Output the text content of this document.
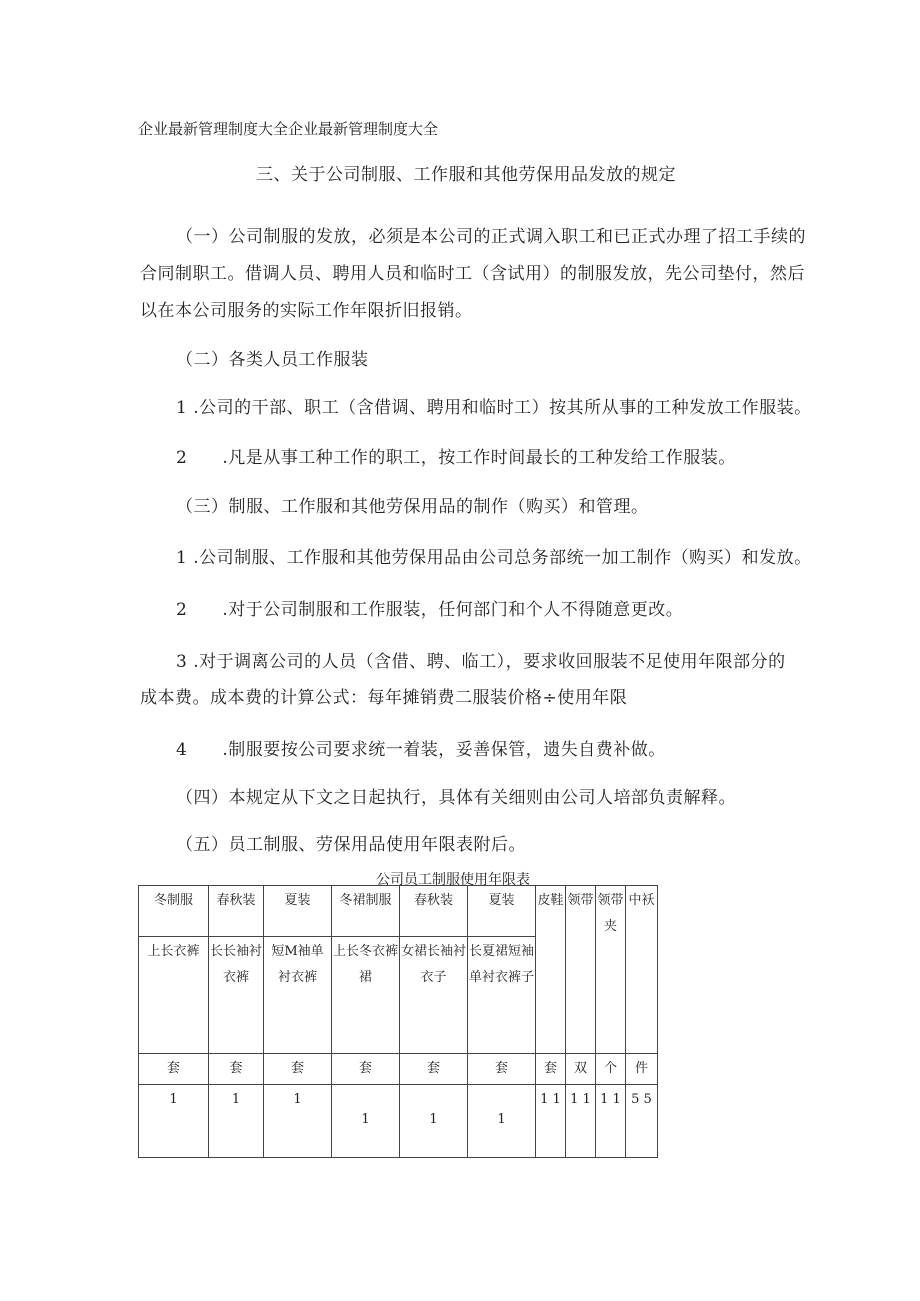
企业最新管理制度大全企业最新管理制度大全
三、关于公司制服、工作服和其他劳保用品发放的规定
（一）公司制服的发放，必须是本公司的正式调入职工和已正式办理了招工手续的
合同制职工。借调人员、聘用人员和临时工（含试用）的制服发放，先公司垫付，然后
以在本公司服务的实际工作年限折旧报销。
（二）各类人员工作服装
1 .公司的干部、职工（含借调、聘用和临时工）按其所从事的工种发放工作服装。
2　　.凡是从事工种工作的职工，按工作时间最长的工种发给工作服装。
（三）制服、工作服和其他劳保用品的制作（购买）和管理。
1 .公司制服、工作服和其他劳保用品由公司总务部统一加工制作（购买）和发放。
2　　.对于公司制服和工作服装，任何部门和个人不得随意更改。
3 .对于调离公司的人员（含借、聘、临工），要求收回服装不足使用年限部分的
成本费。成本费的计算公式：每年摊销费二服装价格÷使用年限
4　　.制服要按公司要求统一着装，妥善保管，遗失自费补做。
（四）本规定从下文之日起执行，具体有关细则由公司人培部负责解释。
（五）员工制服、劳保用品使用年限表附后。
公司员工制服使用年限表
冬制服	春秋装	夏装	冬裙制服	春秋装	夏装	皮鞋	领带	领带夹	中袄
上长衣裤	长长袖衬衣裤	短M袖单衬衣裤	上长冬衣裤裙	女裙长袖衬衣子	长夏裙短袖单衬衣裤子				
套	套	套	套	套	套	套	双	个	件
1	1	1	1	1	1	1 1	1 1	1 1	5 5
